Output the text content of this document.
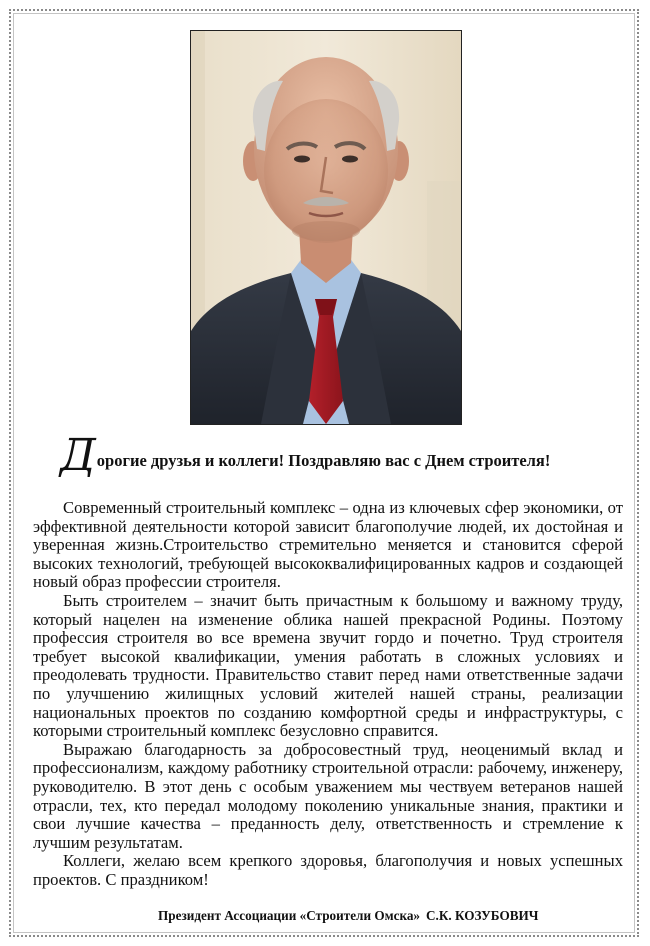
Дорогие друзья и коллеги! Поздравляю вас с Днем строителя!

Современный строительный комплекс – одна из ключевых сфер экономики, от эффективной деятельности которой зависит благополучие людей, их достойная и уверенная жизнь.Строительство стремительно меняется и становится сферой высоких технологий, требующей высококвалифицированных кадров и создающей новый образ профессии строителя.

Быть строителем – значит быть причастным к большому и важному труду, который нацелен на изменение облика нашей прекрасной Родины. Поэтому профессия строителя во все времена звучит гордо и почетно. Труд строителя требует высокой квалификации, умения работать в сложных условиях и преодолевать трудности. Правительство ставит перед нами ответственные задачи по улучшению жилищных условий жителей нашей страны, реализации национальных проектов по созданию комфортной среды и инфраструктуры, с которыми строительный комплекс безусловно справится.

Выражаю благодарность за добросовестный труд, неоценимый вклад и профессионализм, каждому работнику строительной отрасли: рабочему, инженеру, руководителю. В этот день с особым уважением мы чествуем ветеранов нашей отрасли, тех, кто передал молодому поколению уникальные знания, практики и свои лучшие качества – преданность делу, ответственность и стремление к лучшим результатам.

Коллеги, желаю всем крепкого здоровья, благополучия и новых успешных проектов. С праздником!

Президент Ассоциации «Строители Омска» С.К. КОЗУБОВИЧ
